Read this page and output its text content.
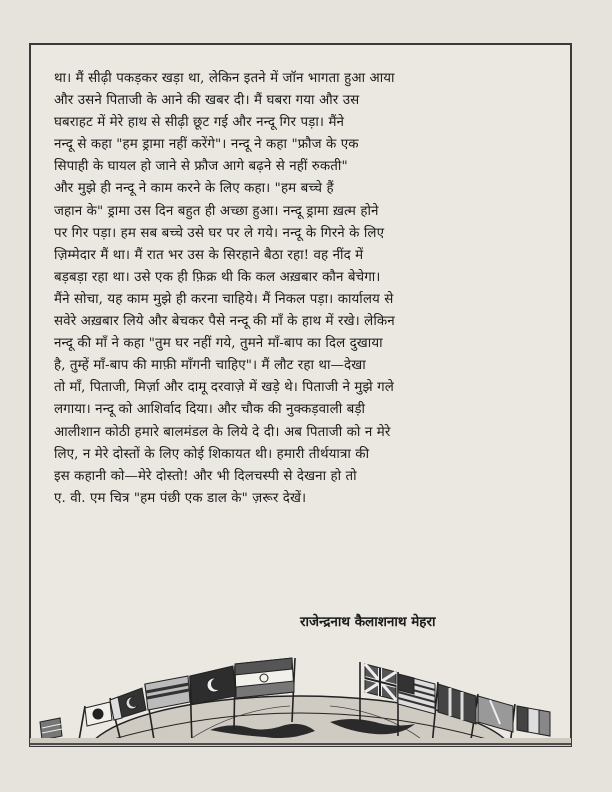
था। मैं सीढ़ी पकड़कर खड़ा था, लेकिन इतने में जॉन भागता हुआ आया
और उसने पिताजी के आने की खबर दी। मैं घबरा गया और उस
घबराहट में मेरे हाथ से सीढ़ी छूट गई और नन्दू गिर पड़ा। मैंने
नन्दू से कहा "हम ड्रामा नहीं करेंगे"। नन्दू ने कहा "फ्रौज के एक
सिपाही के घायल हो जाने से फ्रौज आगे बढ़ने से नहीं रुकती"
और मुझे ही नन्दू ने काम करने के लिए कहा। "हम बच्चे हैं
जहान के" ड्रामा उस दिन बहुत ही अच्छा हुआ। नन्दू ड्रामा ख़त्म होने
पर गिर पड़ा। हम सब बच्चे उसे घर पर ले गये। नन्दू के गिरने के लिए
ज़िम्मेदार मैं था। मैं रात भर उस के सिरहाने बैठा रहा! वह नींद में
बड़बड़ा रहा था। उसे एक ही फ़िक्र थी कि कल अख़बार कौन बेचेगा।
मैंने सोचा, यह काम मुझे ही करना चाहिये। मैं निकल पड़ा। कार्यालय से
सवेरे अख़बार लिये और बेचकर पैसे नन्दू की माँ के हाथ में रखे। लेकिन
नन्दू की माँ ने कहा "तुम घर नहीं गये, तुमने माँ-बाप का दिल दुखाया
है, तुम्हें माँ-बाप की माफ़ी माँगनी चाहिए"। मैं लौट रहा था—देखा
तो माँ, पिताजी, मिर्ज़ा और दामू दरवाज़े में खड़े थे। पिताजी ने मुझे गले
लगाया। नन्दू को आशिर्वाद दिया। और चौक की नुक्कड़वाली बड़ी
आलीशान कोठी हमारे बालमंडल के लिये दे दी। अब पिताजी को न मेरे
लिए, न मेरे दोस्तों के लिए कोई शिकायत थी। हमारी तीर्थयात्रा की
इस कहानी को—मेरे दोस्तो! और भी दिलचस्पी से देखना हो तो
ए. वी. एम चित्र "हम पंछी एक डाल के" ज़रूर देखें।
राजेन्द्रनाथ कैलाशनाथ मेहरा
